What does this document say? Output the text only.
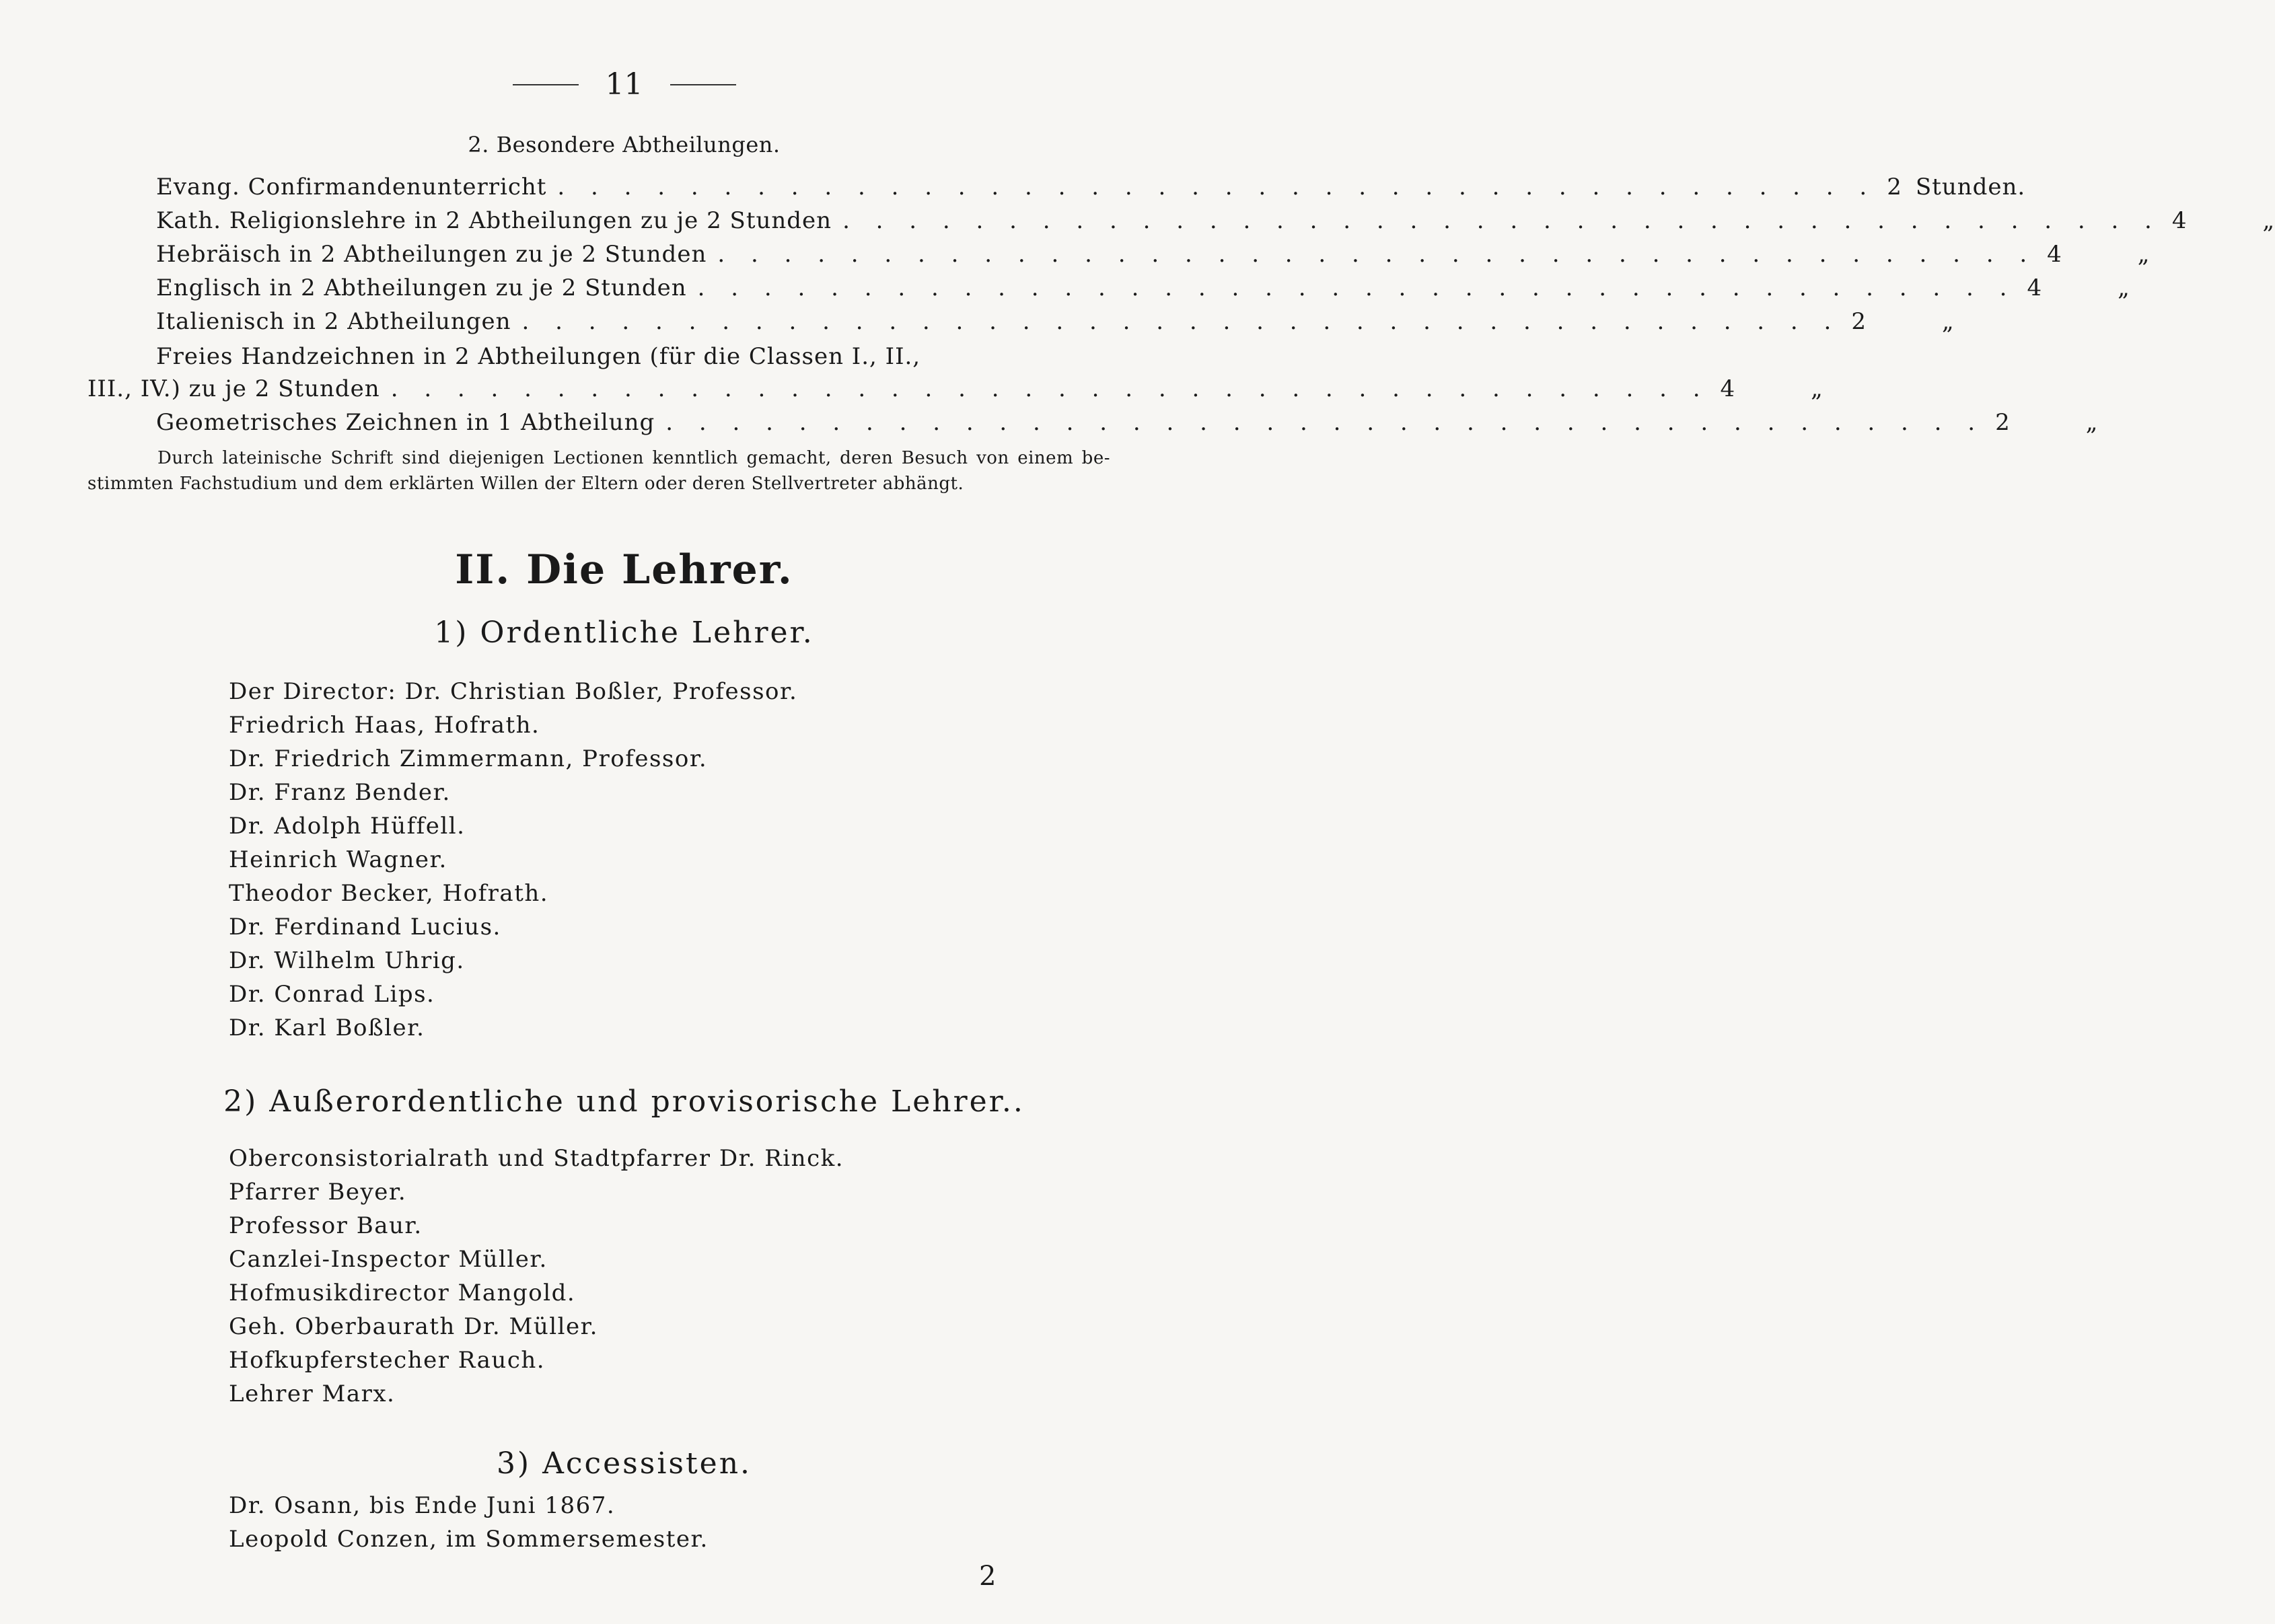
11
2. Besondere Abtheilungen.
Evang. Confirmandenunterricht . . . . . . . . . . . . . . . . . . . . . . . . . . . . . . . . . . . . . . . . 2 Stunden.
Kath. Religionslehre in 2 Abtheilungen zu je 2 Stunden . . . . . . . . . . . . . . . . . . . . . . . . . . . . . . . . . . . . . . . . 4	„
Hebräisch in 2 Abtheilungen zu je 2 Stunden . . . . . . . . . . . . . . . . . . . . . . . . . . . . . . . . . . . . . . . . 4	„
Englisch in 2 Abtheilungen zu je 2 Stunden . . . . . . . . . . . . . . . . . . . . . . . . . . . . . . . . . . . . . . . . 4	„
Italienisch in 2 Abtheilungen . . . . . . . . . . . . . . . . . . . . . . . . . . . . . . . . . . . . . . . . 2	„
Freies Handzeichnen in 2 Abtheilungen (für die Classen I., II.,
III., IV.) zu je 2 Stunden . . . . . . . . . . . . . . . . . . . . . . . . . . . . . . . . . . . . . . . . 4	„
Geometrisches Zeichnen in 1 Abtheilung . . . . . . . . . . . . . . . . . . . . . . . . . . . . . . . . . . . . . . . . 2	„

Durch lateinische Schrift sind diejenigen Lectionen kenntlich gemacht, deren Besuch von einem be-

stimmten Fachstudium und dem erklärten Willen der Eltern oder deren Stellvertreter abhängt.

II. Die Lehrer.
1) Ordentliche Lehrer.
Der Director: Dr. Christian Boßler, Professor.
Friedrich Haas, Hofrath.
Dr. Friedrich Zimmermann, Professor.
Dr. Franz Bender.
Dr. Adolph Hüffell.
Heinrich Wagner.
Theodor Becker, Hofrath.
Dr. Ferdinand Lucius.
Dr. Wilhelm Uhrig.
Dr. Conrad Lips.
Dr. Karl Boßler.
2) Außerordentliche und provisorische Lehrer..
Oberconsistorialrath und Stadtpfarrer Dr. Rinck.
Pfarrer Beyer.
Professor Baur.
Canzlei-Inspector Müller.
Hofmusikdirector Mangold.
Geh. Oberbaurath Dr. Müller.
Hofkupferstecher Rauch.
Lehrer Marx.
3) Accessisten.
Dr. Osann, bis Ende Juni 1867.
Leopold Conzen, im Sommersemester.
2
